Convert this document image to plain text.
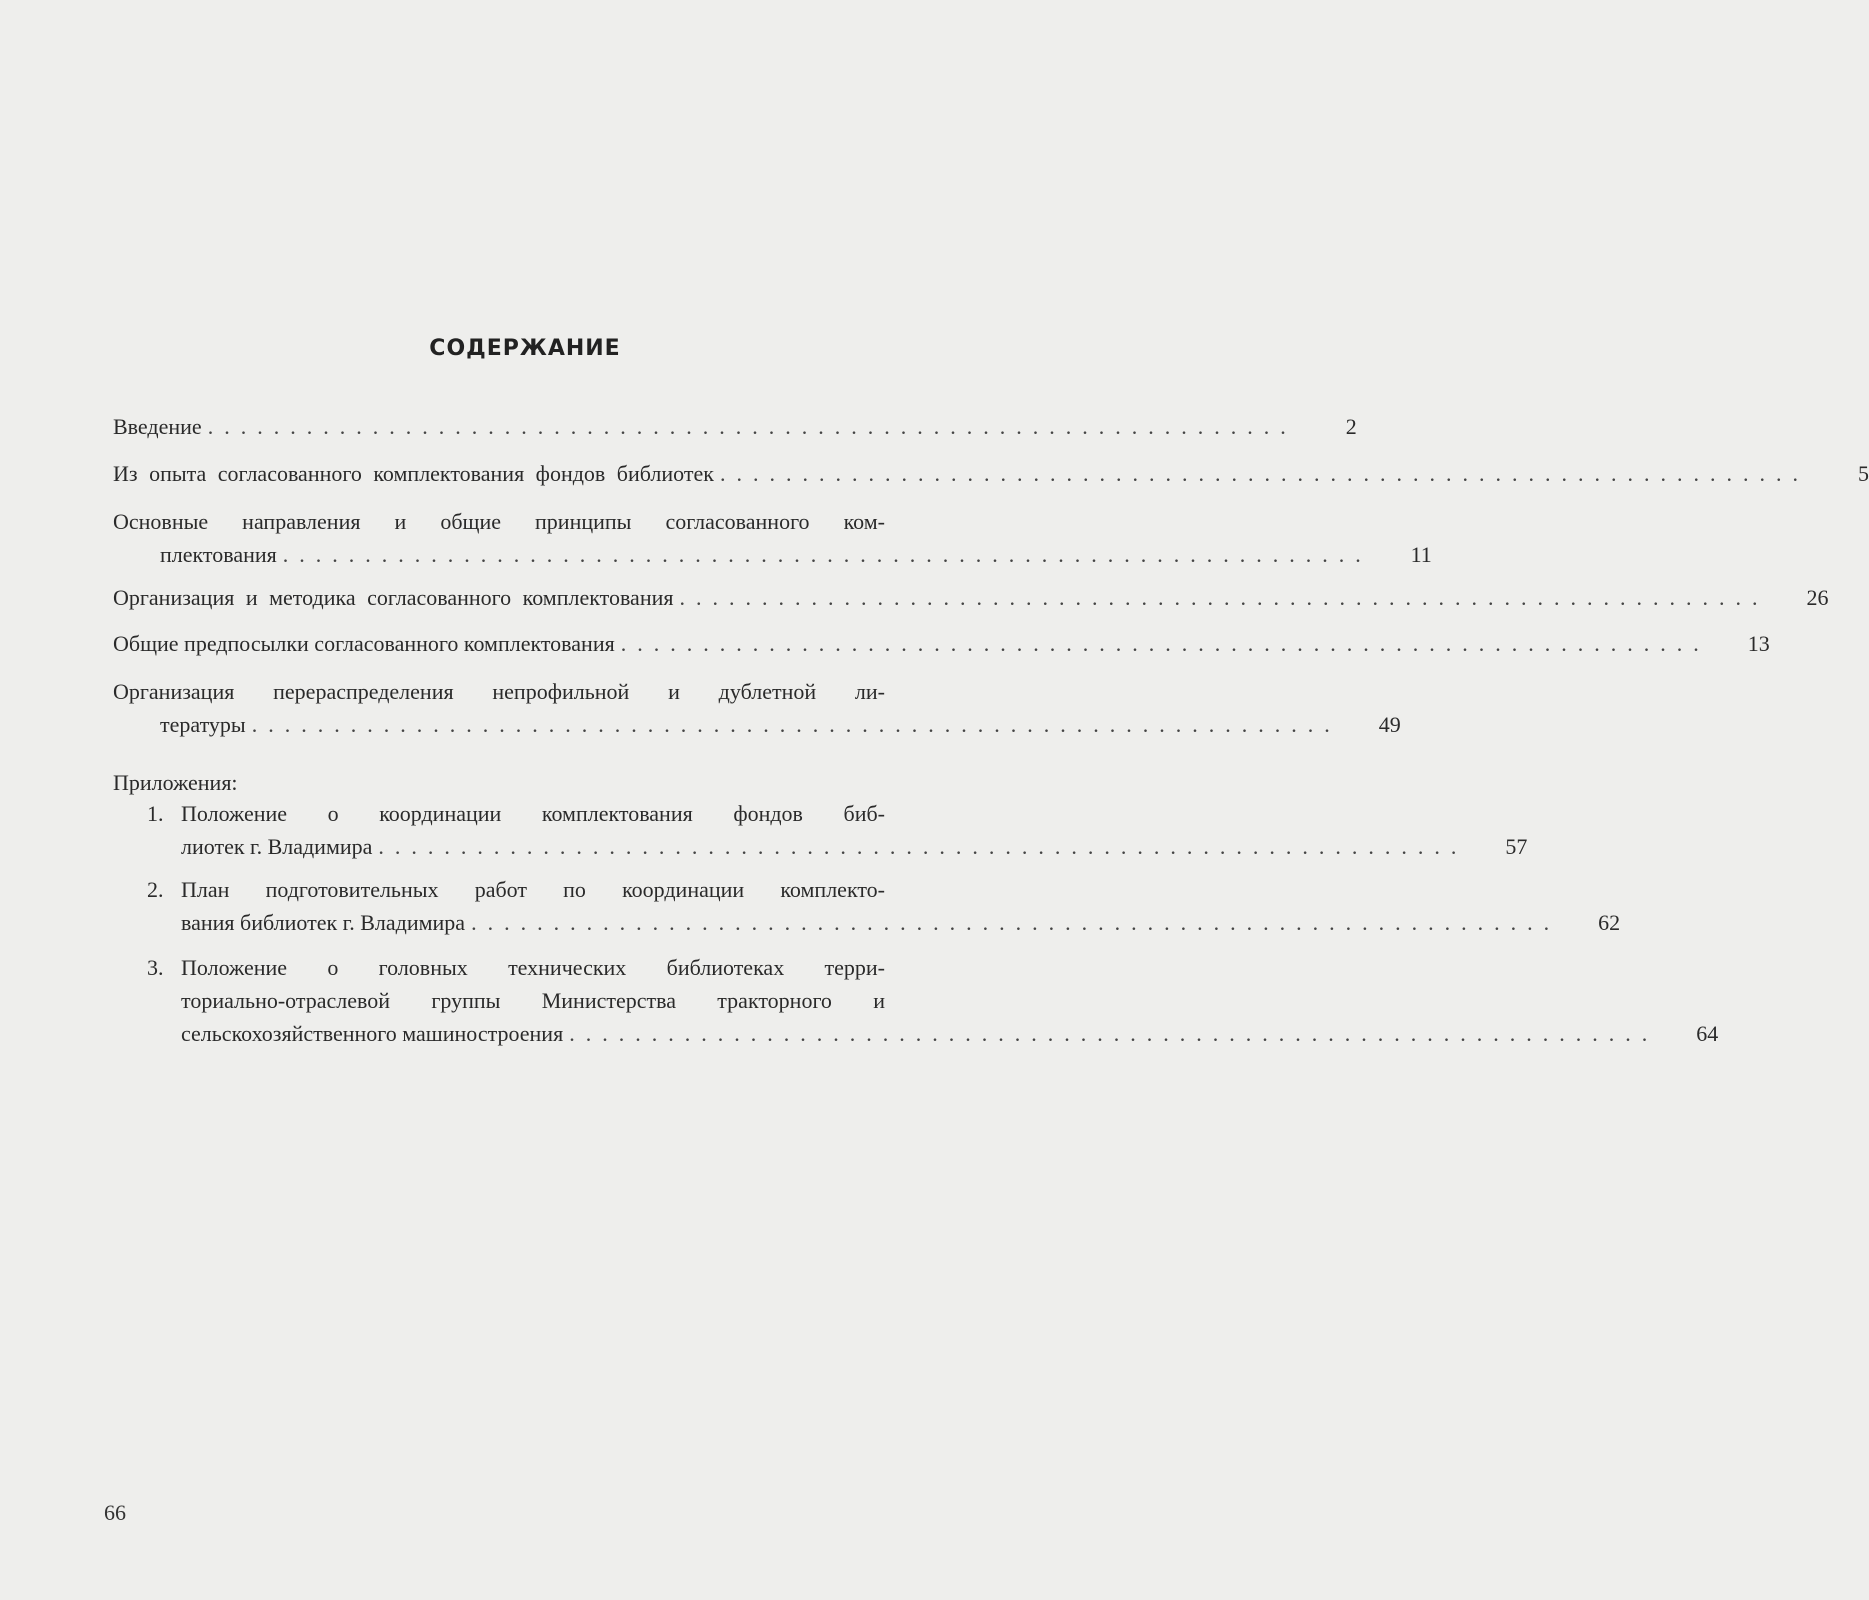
СОДЕРЖАНИЕ
Введение ..................................................................	2
Из опыта согласованного комплектования фондов библиотек ..................................................................	5
Основные направления и общие принципы согласованного ком-
плектования ..................................................................	11
Организация и методика согласованного комплектования ..................................................................	26
Общие предпосылки согласованного комплектования ..................................................................	13
Организация перераспределения непрофильной и дублетной ли-
тературы ..................................................................	49
Приложения:
1. Положение о координации комплектования фондов биб-
лиотек г. Владимира ..................................................................	57
2. План подготовительных работ по координации комплекто-
вания библиотек г. Владимира ..................................................................	62
3. Положение о головных технических библиотеках терри-
ториально-отраслевой группы Министерства тракторного и
сельскохозяйственного машиностроения ..................................................................	64
66
